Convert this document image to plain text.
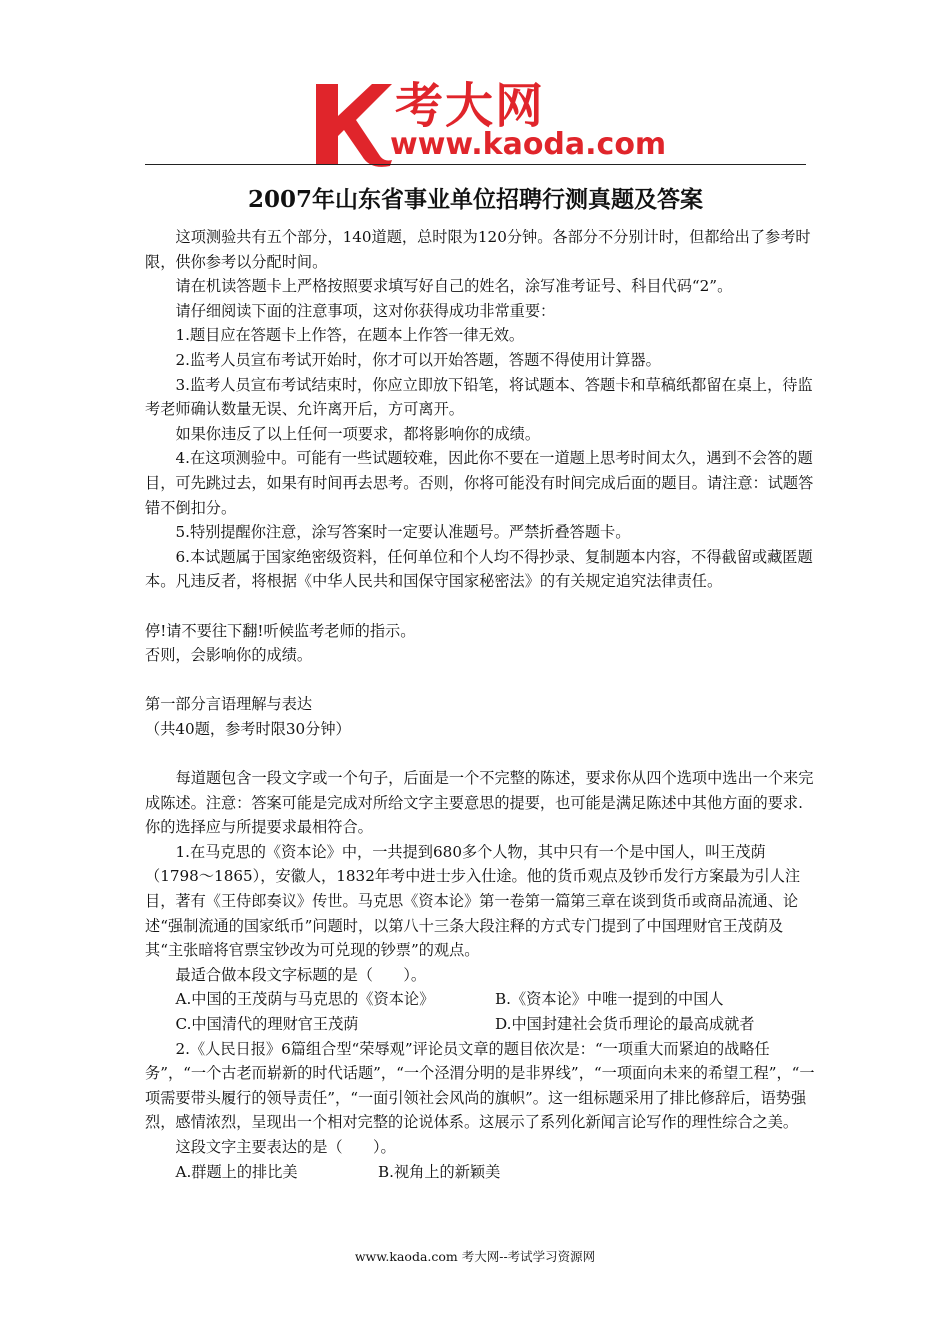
考大网
www.kaoda.com
2007年山东省事业单位招聘行测真题及答案

这项测验共有五个部分，140道题，总时限为120分钟。各部分不分别计时，但都给出了参考时限，供你参考以分配时间。

请在机读答题卡上严格按照要求填写好自己的姓名，涂写准考证号、科目代码“2”。

请仔细阅读下面的注意事项，这对你获得成功非常重要：

1.题目应在答题卡上作答，在题本上作答一律无效。

2.监考人员宣布考试开始时，你才可以开始答题，答题不得使用计算器。

3.监考人员宣布考试结束时，你应立即放下铅笔，将试题本、答题卡和草稿纸都留在桌上，待监考老师确认数量无误、允许离开后，方可离开。

如果你违反了以上任何一项要求，都将影响你的成绩。

4.在这项测验中。可能有一些试题较难，因此你不要在一道题上思考时间太久，遇到不会答的题目，可先跳过去，如果有时间再去思考。否则，你将可能没有时间完成后面的题目。请注意：试题答错不倒扣分。

5.特别提醒你注意，涂写答案时一定要认准题号。严禁折叠答题卡。

6.本试题属于国家绝密级资料，任何单位和个人均不得抄录、复制题本内容，不得截留或藏匿题本。凡违反者，将根据《中华人民共和国保守国家秘密法》的有关规定追究法律责任。

停!请不要往下翻!听候监考老师的指示。

否则，会影响你的成绩。

第一部分言语理解与表达

（共40题，参考时限30分钟）

每道题包含一段文字或一个句子，后面是一个不完整的陈述，要求你从四个选项中选出一个来完成陈述。注意：答案可能是完成对所给文字主要意思的提要，也可能是满足陈述中其他方面的要求.你的选择应与所提要求最相符合。

1.在马克思的《资本论》中，一共提到680多个人物，其中只有一个是中国人，叫王茂荫（1798～1865），安徽人，1832年考中进士步入仕途。他的货币观点及钞币发行方案最为引人注目，著有《王侍郎奏议》传世。马克思《资本论》第一卷第一篇第三章在谈到货币或商品流通、论述“强制流通的国家纸币”问题时，以第八十三条大段注释的方式专门提到了中国理财官王茂荫及其“主张暗将官票宝钞改为可兑现的钞票”的观点。

最适合做本段文字标题的是（　　）。

A.中国的王茂荫与马克思的《资本论》	B.《资本论》中唯一提到的中国人
C.中国清代的理财官王茂荫	D.中国封建社会货币理论的最高成就者

2.《人民日报》6篇组合型“荣辱观”评论员文章的题目依次是：“一项重大而紧迫的战略任务”，“一个古老而崭新的时代话题”，“一个泾渭分明的是非界线”，“一项面向未来的希望工程”，“一项需要带头履行的领导责任”，“一面引领社会风尚的旗帜”。这一组标题采用了排比修辞后，语势强烈，感情浓烈，呈现出一个相对完整的论说体系。这展示了系列化新闻言论写作的理性综合之美。

这段文字主要表达的是（　　）。

A.群题上的排比美	B.视角上的新颖美
www.kaoda.com 考大网--考试学习资源网
